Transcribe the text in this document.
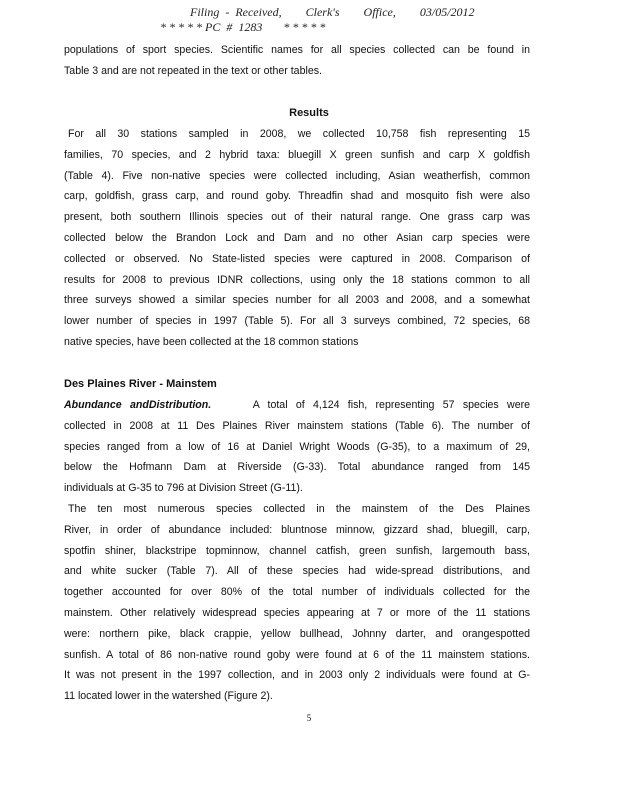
Filing  -  Received, Clerk's Office, 03/05/2012
* * * * * PC  #  1283       * * * * *
populations of sport species. Scientific names for all species collected can be found in
Table 3 and are not repeated in the text or other tables.
Results
For all 30 stations sampled in 2008, we collected 10,758 fish representing 15
families, 70 species, and 2 hybrid taxa: bluegill X green sunfish and carp X goldfish
(Table 4). Five non-native species were collected including, Asian weatherfish, common
carp, goldfish, grass carp, and round goby. Threadfin shad and mosquito fish were also
present, both southern Illinois species out of their natural range. One grass carp was
collected below the Brandon Lock and Dam and no other Asian carp species were
collected or observed. No State-listed species were captured in 2008. Comparison of
results for 2008 to previous IDNR collections, using only the 18 stations common to all
three surveys showed a similar species number for all 2003 and 2008, and a somewhat
lower number of species in 1997 (Table 5). For all 3 surveys combined, 72 species, 68
native species, have been collected at the 18 common stations
Des Plaines River - Mainstem
Abundance andDistribution.	A total of 4,124 fish, representing 57 species were
collected in 2008 at 11 Des Plaines River mainstem stations (Table 6). The number of
species ranged from a low of 16 at Daniel Wright Woods (G-35), to a maximum of 29,
below the Hofmann Dam at Riverside (G-33). Total abundance ranged from 145
individuals at G-35 to 796 at Division Street (G-11).
The ten most numerous species collected in the mainstem of the Des Plaines
River, in order of abundance included: bluntnose minnow, gizzard shad, bluegill, carp,
spotfin shiner, blackstripe topminnow, channel catfish, green sunfish, largemouth bass,
and white sucker (Table 7). All of these species had wide-spread distributions, and
together accounted for over 80% of the total number of individuals collected for the
mainstem. Other relatively widespread species appearing at 7 or more of the 11 stations
were: northern pike, black crappie, yellow bullhead, Johnny darter, and orangespotted
sunfish. A total of 86 non-native round goby were found at 6 of the 11 mainstem stations.
It was not present in the 1997 collection, and in 2003 only 2 individuals were found at G-
11 located lower in the watershed (Figure 2).
5
